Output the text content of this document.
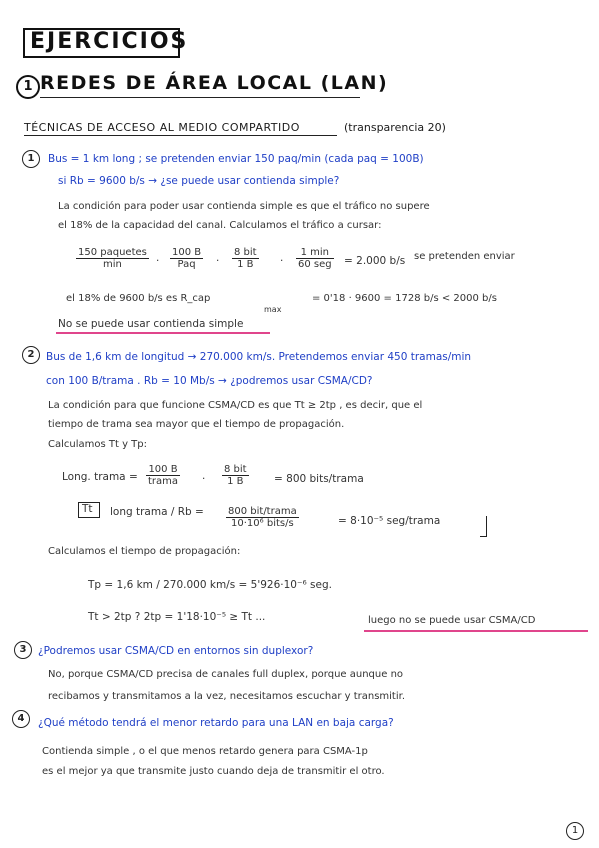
EJERCICIOS
1 REDES DE ÁREA LOCAL (LAN)
TÉCNICAS DE ACCESO AL MEDIO COMPARTIDO	(transparencia 20)
1	Bus = 1 km long ; se pretenden enviar 150 paq/min (cada paq = 100B)
si Rb = 9600 b/s → ¿se puede usar contienda simple?
La condición para poder usar contienda simple es que el tráfico no supere
el 18% de la capacidad del canal. Calculamos el tráfico a cursar:
150 paquetes
min	·
100 B
Paq	·
8 bit
1 B	·
1 min
60 seg = 2.000 b/s se pretenden enviar
el 18% de 9600 b/s es R_cap
max
= 0'18 · 9600 = 1728 b/s < 2000 b/s
No se puede usar contienda simple
2	Bus de 1,6 km de longitud → 270.000 km/s. Pretendemos enviar 450 tramas/min
con 100 B/trama . Rb = 10 Mb/s → ¿podremos usar CSMA/CD?
La condición para que funcione CSMA/CD es que Tt ≥ 2tp , es decir, que el
tiempo de trama sea mayor que el tiempo de propagación.
Calculamos Tt y Tp:
Long. trama =
100 B
trama ·
8 bit
1 B	= 800 bits/trama
Tt long trama / Rb = 800 bit/trama
10·10⁶ bits/s	= 8·10⁻⁵ seg/trama
Calculamos el tiempo de propagación:
Tp = 1,6 km / 270.000 km/s = 5'926·10⁻⁶ seg.
Tt > 2tp ? 2tp = 1'18·10⁻⁵ ≥ Tt ...	luego no se puede usar CSMA/CD
3	¿Podremos usar CSMA/CD en entornos sin duplexor?
No, porque CSMA/CD precisa de canales full duplex, porque aunque no
recibamos y transmitamos a la vez, necesitamos escuchar y transmitir.
4	¿Qué método tendrá el menor retardo para una LAN en baja carga?
Contienda simple , o el que menos retardo genera para CSMA-1p
es el mejor ya que transmite justo cuando deja de transmitir el otro.
1
